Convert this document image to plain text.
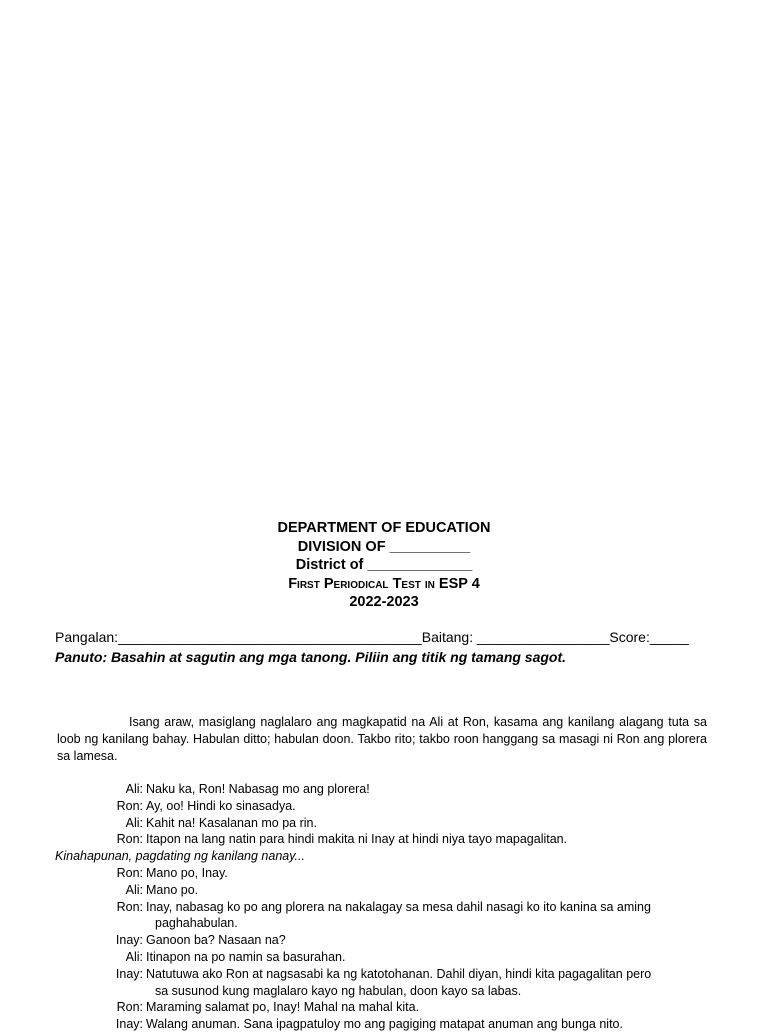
DEPARTMENT OF EDUCATION
DIVISION OF __________
District of _____________
First Periodical Test in ESP 4
2022-2023
Pangalan:_______________________________________Baitang: _________________Score:_____
Panuto: Basahin at sagutin ang mga tanong. Piliin ang titik ng tamang sagot.
Isang araw, masiglang naglalaro ang magkapatid na Ali at Ron, kasama ang kanilang alagang tuta sa loob ng kanilang bahay. Habulan ditto; habulan doon. Takbo rito; takbo roon hanggang sa masagi ni Ron ang plorera sa lamesa.
Ali: Naku ka, Ron! Nabasag mo ang plorera!
Ron: Ay, oo! Hindi ko sinasadya.
Ali: Kahit na! Kasalanan mo pa rin.
Ron: Itapon na lang natin para hindi makita ni Inay at hindi niya tayo mapagalitan.
Kinahapunan, pagdating ng kanilang nanay...
Ron: Mano po, Inay.
Ali: Mano po.
Ron: Inay, nabasag ko po ang plorera na nakalagay sa mesa dahil nasagi ko ito kanina sa aming
paghahabulan.
Inay: Ganoon ba? Nasaan na?
Ali: Itinapon na po namin sa basurahan.
Inay: Natutuwa ako Ron at nagsasabi ka ng katotohanan. Dahil diyan, hindi kita pagagalitan pero
sa susunod kung maglalaro kayo ng habulan, doon kayo sa labas.
Ron: Maraming salamat po, Inay! Mahal na mahal kita.
Inay: Walang anuman. Sana ipagpatuloy mo ang pagiging matapat anuman ang bunga nito.
